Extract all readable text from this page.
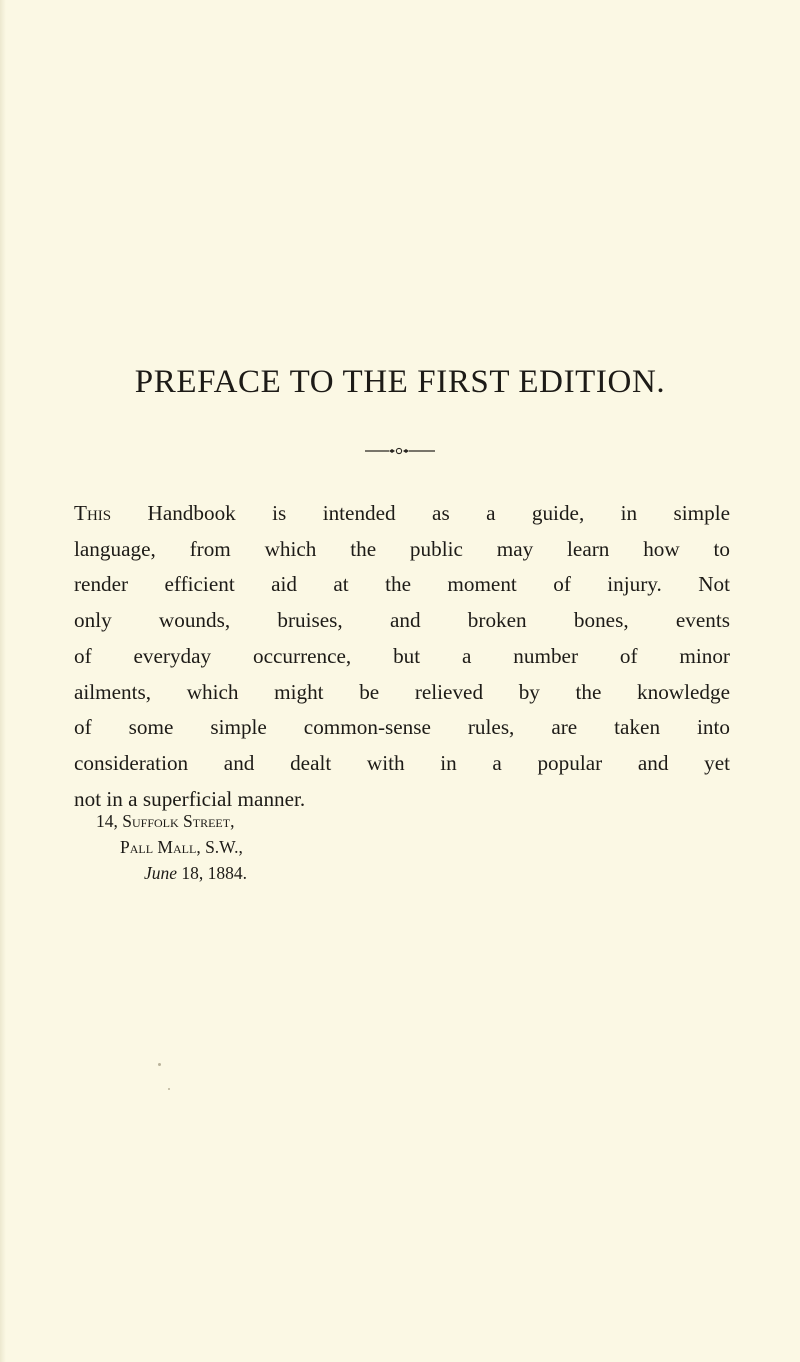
PREFACE TO THE FIRST EDITION.

This Handbook is intended as a guide, in simple
language, from which the public may learn how to
render efficient aid at the moment of injury. Not
only wounds, bruises, and broken bones, events
of everyday occurrence, but a number of minor
ailments, which might be relieved by the knowledge
of some simple common-sense rules, are taken into
consideration and dealt with in a popular and yet
not in a superficial manner.

14, Suffolk Street,
Pall Mall, S.W.,
June 18, 1884.
